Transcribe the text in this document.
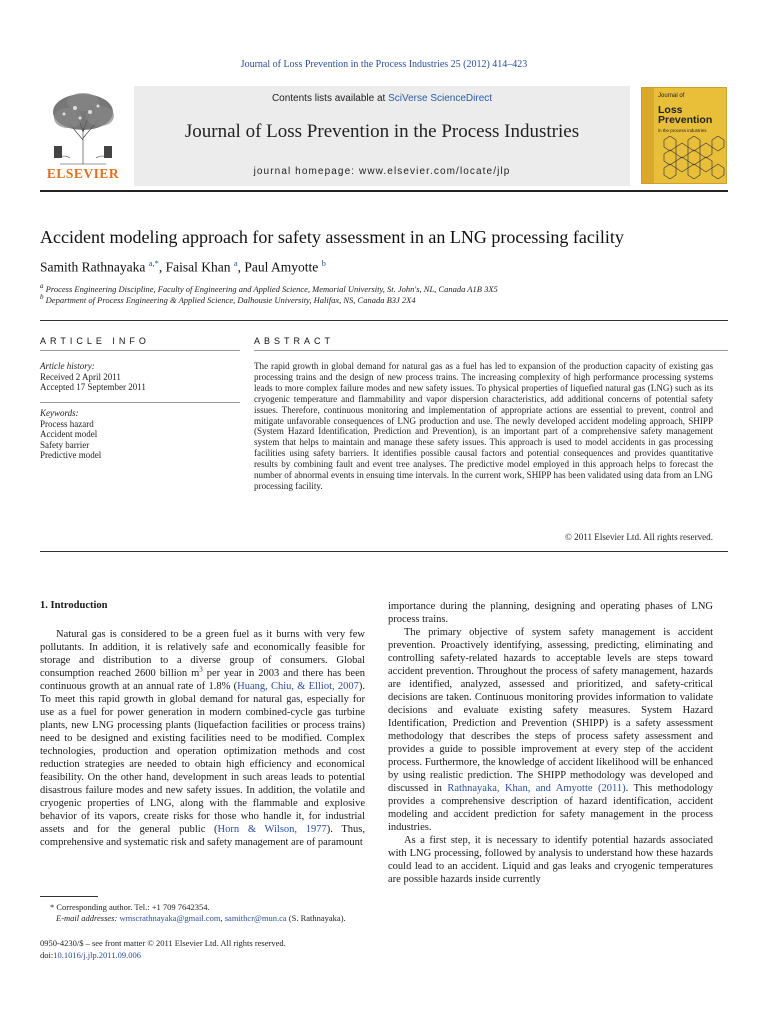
Journal of Loss Prevention in the Process Industries 25 (2012) 414–423
ELSEVIER
Contents lists available at SciVerse ScienceDirect
Journal of Loss Prevention in the Process Industries
journal homepage: www.elsevier.com/locate/jlp
Journal of
Loss
Prevention
in the process industries
Accident modeling approach for safety assessment in an LNG processing facility
Samith Rathnayaka $^{a,*}$, Faisal Khan $^a$, Paul Amyotte $^b$
$^a$ Process Engineering Discipline, Faculty of Engineering and Applied Science, Memorial University, St. John's, NL, Canada A1B 3X5
$^b$ Department of Process Engineering & Applied Science, Dalhousie University, Halifax, NS, Canada B3J 2X4
ARTICLE INFO
Article history:
Received 2 April 2011
Accepted 17 September 2011
Keywords:
Process hazard
Accident model
Safety barrier
Predictive model
ABSTRACT
The rapid growth in global demand for natural gas as a fuel has led to expansion of the production capacity of existing gas processing trains and the design of new process trains. The increasing complexity of high performance processing systems leads to more complex failure modes and new safety issues. To physical properties of liquefied natural gas (LNG) such as its cryogenic temperature and flammability and vapor dispersion characteristics, add additional concerns of potential safety issues. Therefore, continuous monitoring and implementation of appropriate actions are essential to prevent, control and mitigate unfavorable consequences of LNG production and use. The newly developed accident modeling approach, SHIPP (System Hazard Identification, Prediction and Prevention), is an important part of a comprehensive safety management system that helps to maintain and manage these safety issues. This approach is used to model accidents in gas processing facilities using safety barriers. It identifies possible causal factors and potential consequences and provides quantitative results by combining fault and event tree analyses. The predictive model employed in this approach helps to forecast the number of abnormal events in ensuing time intervals. In the current work, SHIPP has been validated using data from an LNG processing facility.
© 2011 Elsevier Ltd. All rights reserved.
1. Introduction

Natural gas is considered to be a green fuel as it burns with very few pollutants. In addition, it is relatively safe and economically feasible for storage and distribution to a diverse group of consumers. Global consumption reached 2600 billion $m^3$ per year in 2003 and there has been continuous growth at an annual rate of 1.8% (Huang, Chiu, & Elliot, 2007). To meet this rapid growth in global demand for natural gas, especially for use as a fuel for power generation in modern combined-cycle gas turbine plants, new LNG processing plants (liquefaction facilities or process trains) need to be designed and existing facilities need to be modified. Complex technologies, production and operation optimization methods and cost reduction strategies are needed to obtain high efficiency and economical feasibility. On the other hand, development in such areas leads to potential disastrous failure modes and new safety issues. In addition, the volatile and cryogenic properties of LNG, along with the flammable and explosive behavior of its vapors, create risks for those who handle it, for industrial assets and for the general public (Horn & Wilson, 1977). Thus, comprehensive and systematic risk and safety management are of paramount

importance during the planning, designing and operating phases of LNG process trains.

The primary objective of system safety management is accident prevention. Proactively identifying, assessing, predicting, eliminating and controlling safety-related hazards to acceptable levels are steps toward accident prevention. Throughout the process of safety management, hazards are identified, analyzed, assessed and prioritized, and safety-critical decisions are taken. Continuous monitoring provides information to validate decisions and evaluate existing safety measures. System Hazard Identification, Prediction and Prevention (SHIPP) is a safety assessment methodology that describes the steps of process safety assessment and provides a guide to possible improvement at every step of the accident process. Furthermore, the knowledge of accident likelihood will be enhanced by using realistic prediction. The SHIPP methodology was developed and discussed in Rathnayaka, Khan, and Amyotte (2011). This methodology provides a comprehensive description of hazard identification, accident modeling and accident prediction for safety management in the process industries.

As a first step, it is necessary to identify potential hazards associated with LNG processing, followed by analysis to understand how these hazards could lead to an accident. Liquid and gas leaks and cryogenic temperatures are possible hazards inside currently

* Corresponding author. Tel.: +1 709 7642354.
E-mail addresses: wmscrathnayaka@gmail.com, samithcr@mun.ca (S. Rathnayaka).
0950-4230/$ – see front matter © 2011 Elsevier Ltd. All rights reserved.
doi:10.1016/j.jlp.2011.09.006
